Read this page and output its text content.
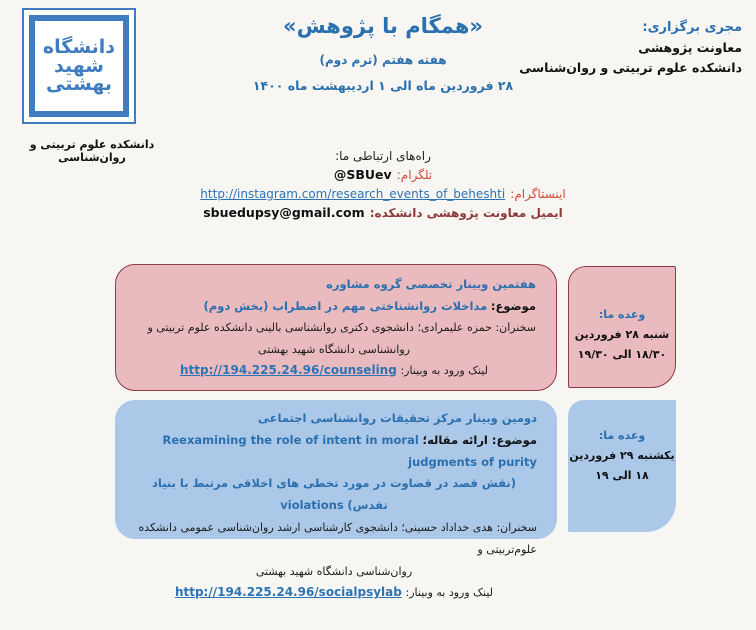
دانشگاه
شهید
بهشتی
دانشکده علوم تربیتی و روان‌شناسی
«همگام با پژوهش»
هفته هفتم (ترم دوم)
۲۸ فروردین ماه الی ۱ اردیبهشت ماه ۱۴۰۰
مجری برگزاری:
معاونت پژوهشی
دانشکده علوم تربیتی و روان‌شناسی
راه‌های ارتباطی ما:
تلگرام: @SBUev
اینستاگرام: http://instagram.com/research_events_of_beheshti
ایمیل معاونت پژوهشی دانشکده: sbuedupsy@gmail.com
هفتمین وبینار تخصصی گروه مشاوره
موضوع: مداخلات روانشناختی مهم در اضطراب (بخش دوم)
سخنران: حمزه علیمرادی؛ دانشجوی دکتری روانشناسی بالینی دانشکده علوم تربیتی و
روانشناسی دانشگاه شهید بهشتی
لینک ورود به وبینار: http://194.225.24.96/counseling
وعده ما:
شنبه ۲۸ فروردین
۱۸/۳۰ الی ۱۹/۳۰
دومین وبینار مرکز تحقیقات روانشناسی اجتماعی
موضوع: ارائه مقاله؛ Reexamining the role of intent in moral judgments of purity
(نقش قصد در قضاوت در مورد تخطی های اخلاقی مرتبط با بنیاد تقدس) violations
سخنران: هدی خداداد حسینی؛ دانشجوی کارشناسی ارشد روان‌شناسی عمومی دانشکده علوم‌تربیتی و
روان‌شناسی دانشگاه شهید بهشتی
لینک ورود به وبینار: http://194.225.24.96/socialpsylab
وعده ما:
یکشنبه ۲۹ فروردین
۱۸ الی ۱۹
